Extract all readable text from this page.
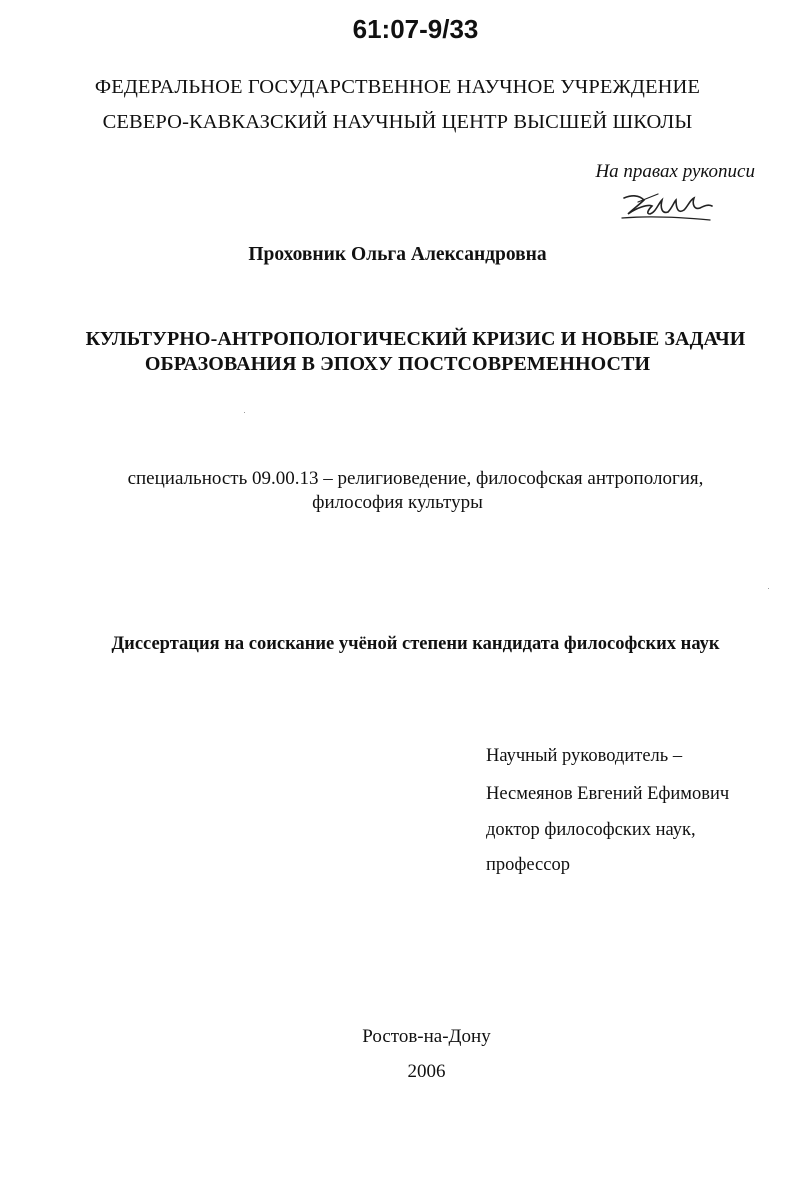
61:07-9/33
ФЕДЕРАЛЬНОЕ ГОСУДАРСТВЕННОЕ НАУЧНОЕ УЧРЕЖДЕНИЕ
СЕВЕРО-КАВКАЗСКИЙ НАУЧНЫЙ ЦЕНТР ВЫСШЕЙ ШКОЛЫ
На правах рукописи
Проховник Ольга Александровна
КУЛЬТУРНО-АНТРОПОЛОГИЧЕСКИЙ КРИЗИС И НОВЫЕ ЗАДАЧИ
ОБРАЗОВАНИЯ В ЭПОХУ ПОСТСОВРЕМЕННОСТИ
специальность 09.00.13 – религиоведение, философская антропология,
философия культуры
Диссертация на соискание учёной степени кандидата философских наук
Научный руководитель –
Несмеянов Евгений Ефимович
доктор философских наук,
профессор
Ростов-на-Дону
2006
